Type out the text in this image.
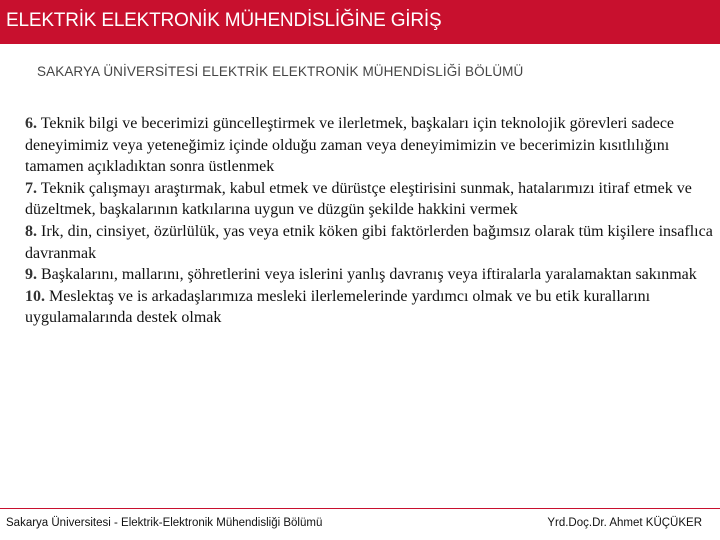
ELEKTRİK ELEKTRONİK MÜHENDİSLİĞİNE GİRİŞ
SAKARYA ÜNİVERSİTESİ ELEKTRİK ELEKTRONİK MÜHENDİSLİĞİ BÖLÜMÜ

6. Teknik bilgi ve becerimizi güncelleştirmek ve ilerletmek, başkaları için teknolojik görevleri sadece deneyimimiz veya yeteneğimiz içinde olduğu zaman veya deneyimimizin ve becerimizin kısıtlılığını tamamen açıkladıktan sonra üstlenmek

7. Teknik çalışmayı araştırmak, kabul etmek ve dürüstçe eleştirisini sunmak, hatalarımızı itiraf etmek ve düzeltmek, başkalarının katkılarına uygun ve düzgün şekilde hakkini vermek

8. Irk, din, cinsiyet, özürlülük, yas veya etnik köken gibi faktörlerden bağımsız olarak tüm kişilere insaflıca davranmak

9. Başkalarını, mallarını, şöhretlerini veya islerini yanlış davranış veya iftiralarla yaralamaktan sakınmak

10. Meslektaş ve is arkadaşlarımıza mesleki ilerlemelerinde yardımcı olmak ve bu etik kurallarını uygulamalarında destek olmak

Sakarya Üniversitesi - Elektrik-Elektronik Mühendisliği Bölümü	Yrd.Doç.Dr. Ahmet KÜÇÜKER
